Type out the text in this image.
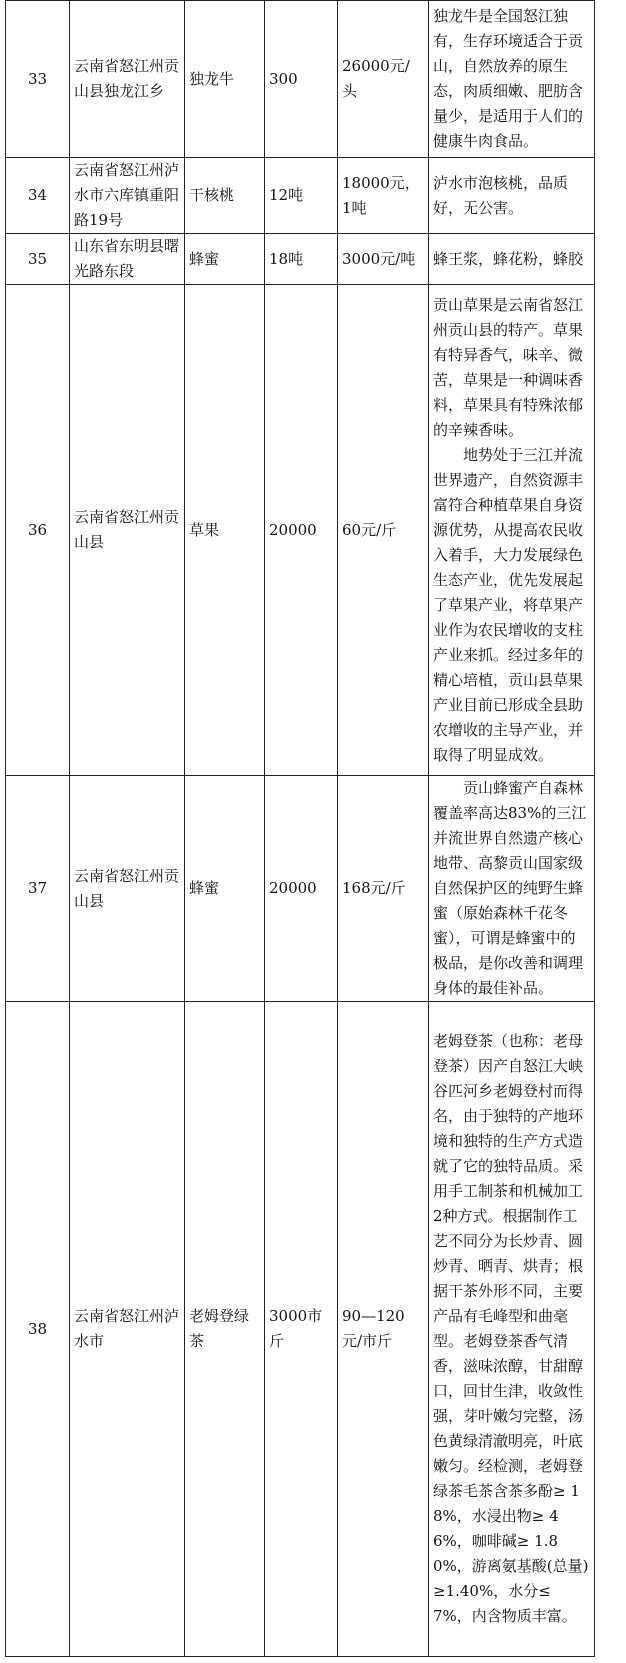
33	云南省怒江州贡山县独龙江乡	独龙牛	300	26000元/头	独龙牛是全国怒江独有，生存环境适合于贡山，自然放养的原生态，肉质细嫩、肥肪含量少，是适用于人们的健康牛肉食品。

34	云南省怒江州泸水市六库镇重阳路19号	干核桃	12吨	18000元，1吨	泸水市泡核桃，品质好，无公害。

35	山东省东明县曙光路东段	蜂蜜	18吨	3000元/吨	蜂王浆，蜂花粉，蜂胶

36	云南省怒江州贡山县	草果	20000	60元/斤	贡山草果是云南省怒江州贡山县的特产。草果有特异香气，味辛、微苦，草果是一种调味香料，草果具有特殊浓郁的辛辣香味。

地势处于三江并流世界遗产，自然资源丰富符合种植草果自身资源优势，从提高农民收入着手，大力发展绿色生态产业，优先发展起了草果产业，将草果产业作为农民增收的支柱产业来抓。经过多年的精心培植，贡山县草果产业目前已形成全县助农增收的主导产业，并取得了明显成效。

37	云南省怒江州贡山县	蜂蜜	20000	168元/斤	贡山蜂蜜产自森林覆盖率高达83%的三江并流世界自然遗产核心地带、高黎贡山国家级自然保护区的纯野生蜂蜜（原始森林千花冬蜜），可谓是蜂蜜中的极品，是你改善和调理身体的最佳补品。

38	云南省怒江州泸水市	老姆登绿茶	3000市斤	90—120元/市斤	老姆登茶（也称：老母登茶）因产自怒江大峡谷匹河乡老姆登村而得名，由于独特的产地环境和独特的生产方式造就了它的独特品质。采用手工制茶和机械加工2种方式。根据制作工艺不同分为长炒青、圆炒青、晒青、烘青；根据干茶外形不同，主要产品有毛峰型和曲毫型。老姆登茶香气清香，滋味浓醇，甘甜醇口，回甘生津，收敛性强，芽叶嫩匀完整，汤色黄绿清澈明亮，叶底嫩匀。经检测，老姆登绿茶毛茶含茶多酚≥ 18%，水浸出物≥ 46%，咖啡碱≥ 1.80%，游离氨基酸(总量) ≥1.40%，水分≤ 7%，内含物质丰富。
